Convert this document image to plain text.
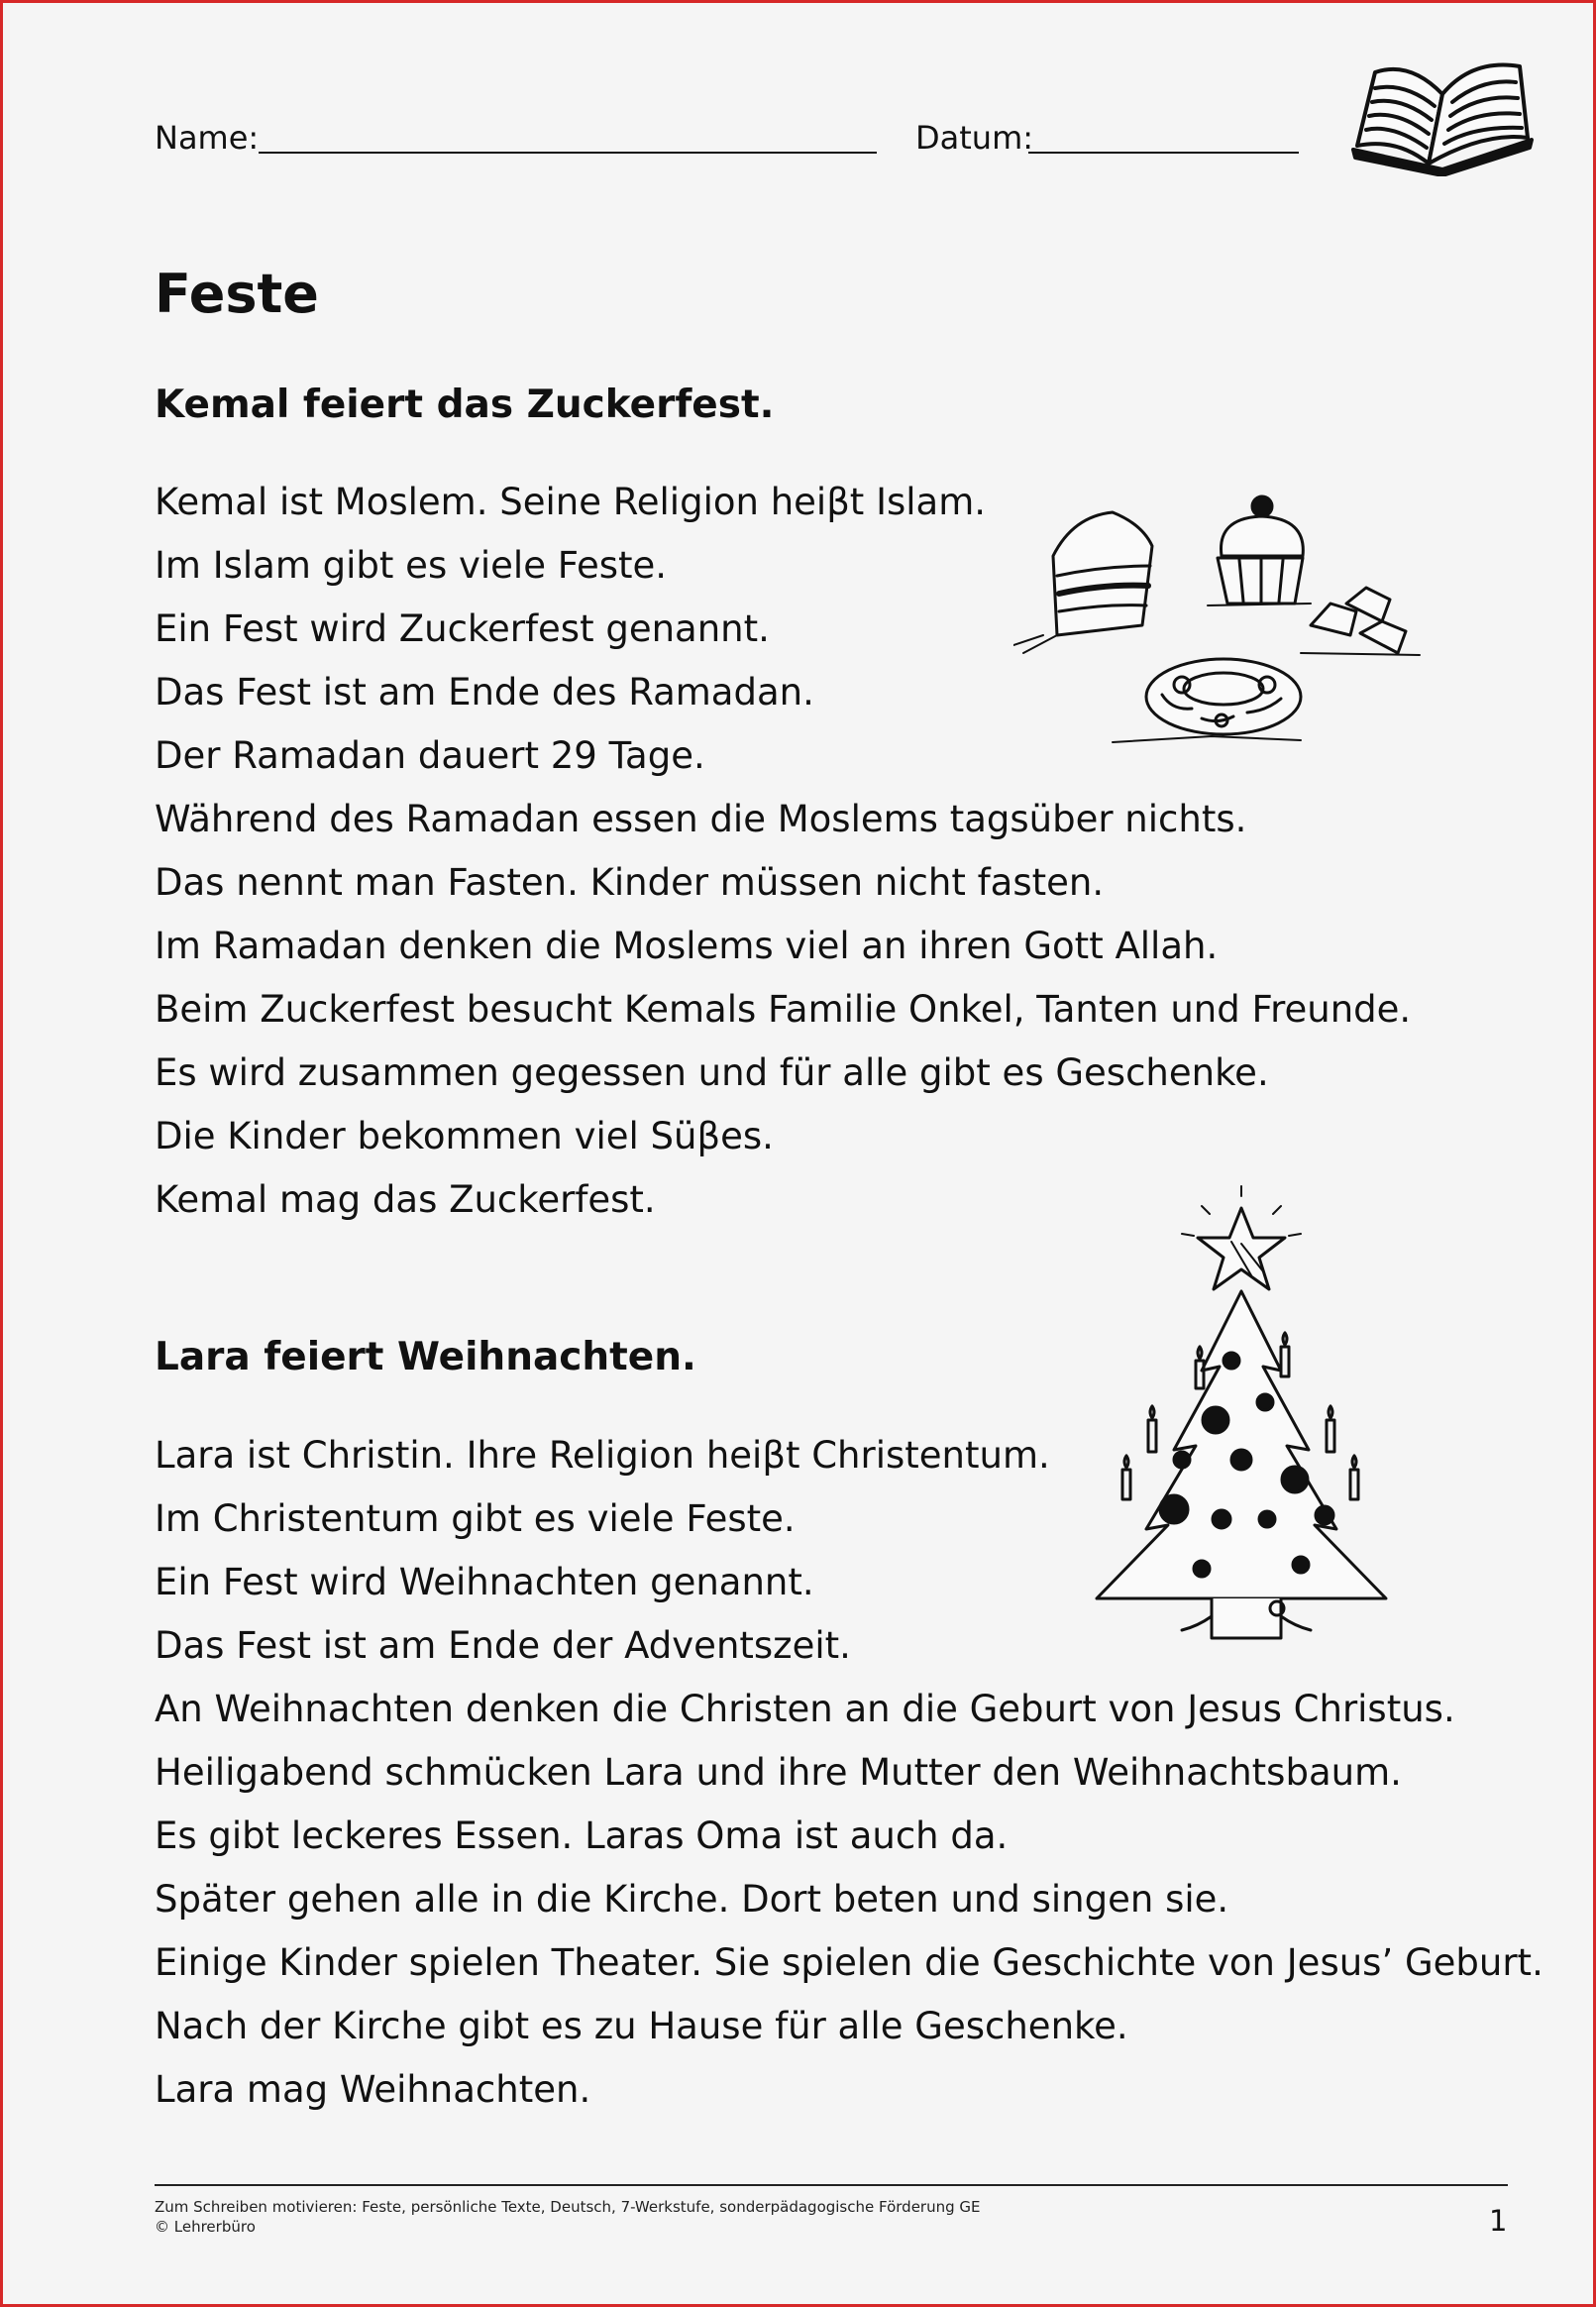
Name:	Datum:
Feste
Kemal feiert das Zuckerfest.
Kemal ist Moslem. Seine Religion heiβt Islam.
Im Islam gibt es viele Feste.
Ein Fest wird Zuckerfest genannt.
Das Fest ist am Ende des Ramadan.
Der Ramadan dauert 29 Tage.
Während des Ramadan essen die Moslems tagsüber nichts.
Das nennt man Fasten. Kinder müssen nicht fasten.
Im Ramadan denken die Moslems viel an ihren Gott Allah.
Beim Zuckerfest besucht Kemals Familie Onkel, Tanten und Freunde.
Es wird zusammen gegessen und für alle gibt es Geschenke.
Die Kinder bekommen viel Süβes.
Kemal mag das Zuckerfest.
Lara feiert Weihnachten.
Lara ist Christin. Ihre Religion heiβt Christentum.
Im Christentum gibt es viele Feste.
Ein Fest wird Weihnachten genannt.
Das Fest ist am Ende der Adventszeit.
An Weihnachten denken die Christen an die Geburt von Jesus Christus.
Heiligabend schmücken Lara und ihre Mutter den Weihnachtsbaum.
Es gibt leckeres Essen. Laras Oma ist auch da.
Später gehen alle in die Kirche. Dort beten und singen sie.
Einige Kinder spielen Theater. Sie spielen die Geschichte von Jesus’ Geburt.
Nach der Kirche gibt es zu Hause für alle Geschenke.
Lara mag Weihnachten.
Zum Schreiben motivieren: Feste, persönliche Texte, Deutsch, 7-Werkstufe, sonderpädagogische Förderung GE
© Lehrerbüro	1
